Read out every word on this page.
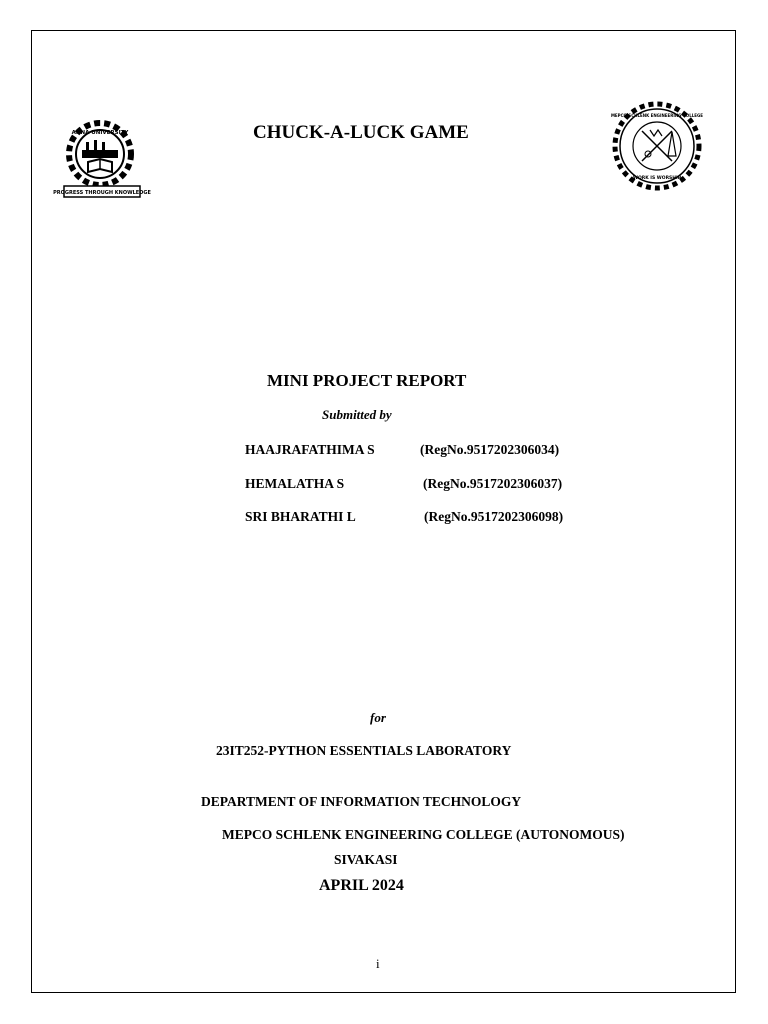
ANNA UNIVERSITY
PROGRESS THROUGH KNOWLEDGE
MEPCO SCHLENK ENGINEERING COLLEGE
WORK IS WORSHIP
CHUCK-A-LUCK GAME
MINI PROJECT REPORT
Submitted by
HAAJRAFATHIMA S	(RegNo.9517202306034)
HEMALATHA S	(RegNo.9517202306037)
SRI BHARATHI L	(RegNo.9517202306098)
for
23IT252-PYTHON ESSENTIALS LABORATORY
DEPARTMENT OF INFORMATION TECHNOLOGY
MEPCO SCHLENK ENGINEERING COLLEGE (AUTONOMOUS)
SIVAKASI
APRIL 2024
i
